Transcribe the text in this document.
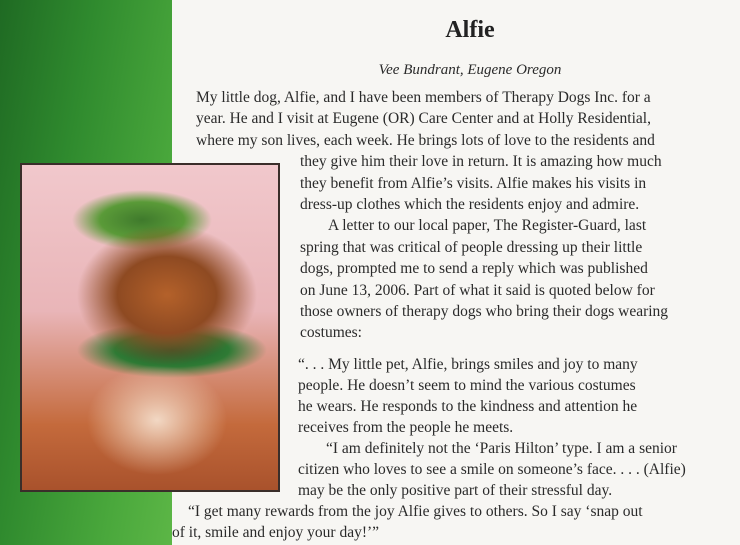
Alfie
Vee Bundrant, Eugene Oregon
My little dog, Alfie, and I have been members of Therapy Dogs Inc. for a
year. He and I visit at Eugene (OR) Care Center and at Holly Residential,
where my son lives, each week. He brings lots of love to the residents and
they give him their love in return. It is amazing how much
they benefit from Alfie’s visits. Alfie makes his visits in
dress-up clothes which the residents enjoy and admire.
A letter to our local paper, The Register-Guard, last
spring that was critical of people dressing up their little
dogs, prompted me to send a reply which was published
on June 13, 2006. Part of what it said is quoted below for
those owners of therapy dogs who bring their dogs wearing
costumes:
“. . . My little pet, Alfie, brings smiles and joy to many
people. He doesn’t seem to mind the various costumes
he wears. He responds to the kindness and attention he
receives from the people he meets.
“I am definitely not the ‘Paris Hilton’ type. I am a senior
citizen who loves to see a smile on someone’s face. . . . (Alfie)
may be the only positive part of their stressful day.
“I get many rewards from the joy Alfie gives to others. So I say ‘snap out
of it, smile and enjoy your day!’”
